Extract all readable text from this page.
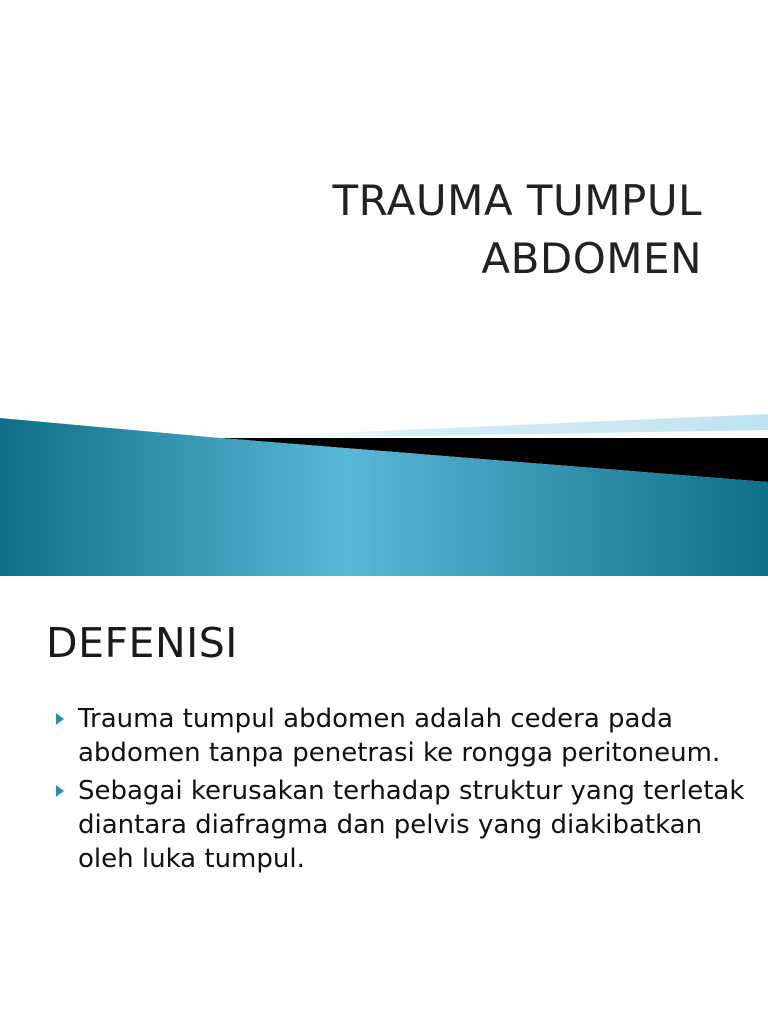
TRAUMA TUMPUL
ABDOMEN
DEFENISI
Trauma tumpul abdomen adalah cedera pada abdomen tanpa penetrasi ke rongga peritoneum.
Sebagai kerusakan terhadap struktur yang terletak diantara diafragma dan pelvis yang diakibatkan oleh luka tumpul.
